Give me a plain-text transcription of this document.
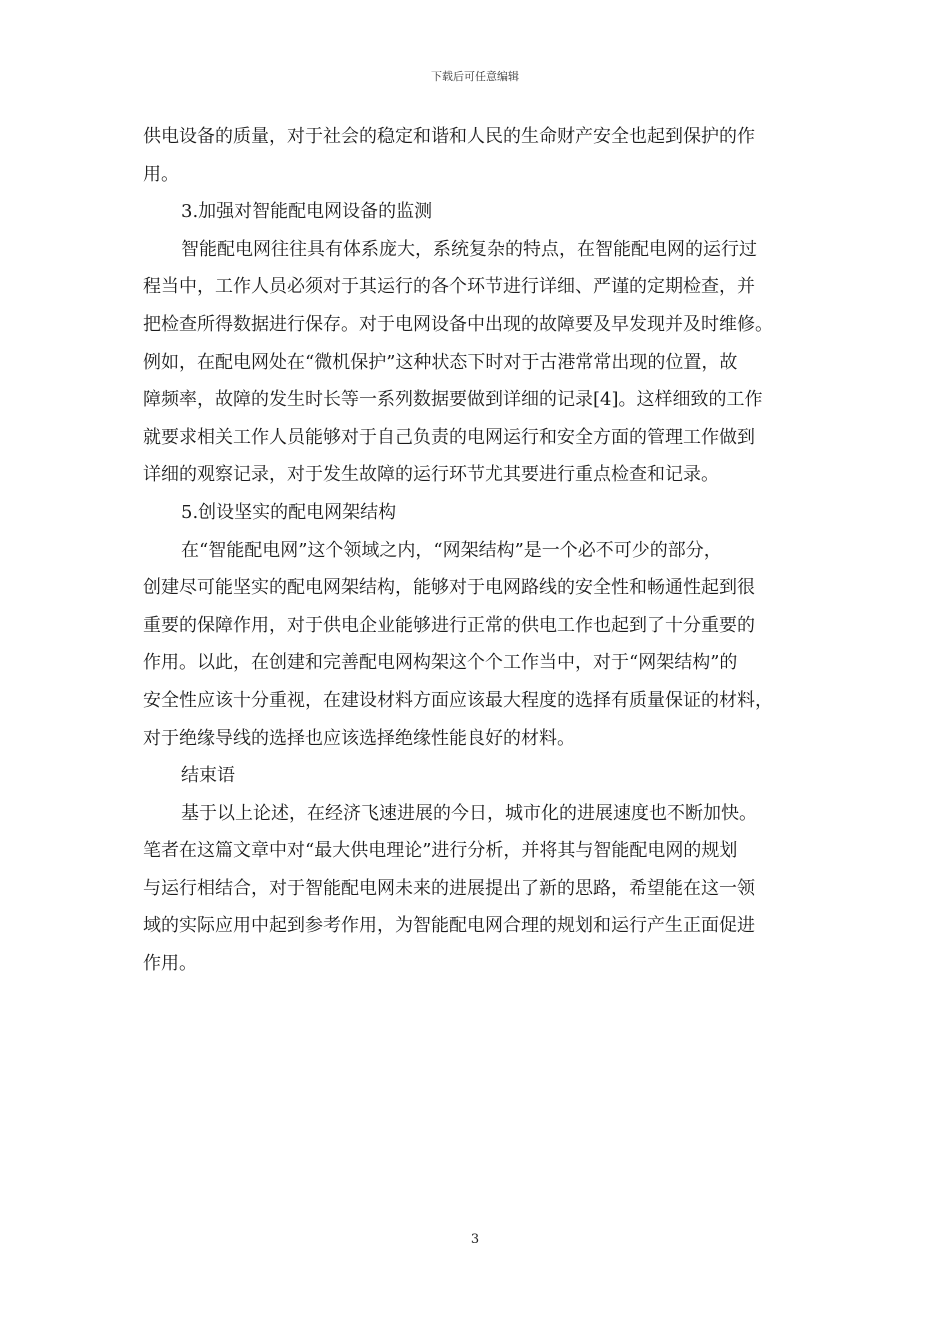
下载后可任意编辑
供电设备的质量，对于社会的稳定和谐和人民的生命财产安全也起到保护的作
用。
3.加强对智能配电网设备的监测
智能配电网往往具有体系庞大，系统复杂的特点，在智能配电网的运行过
程当中，工作人员必须对于其运行的各个环节进行详细、严谨的定期检查，并
把检查所得数据进行保存。对于电网设备中出现的故障要及早发现并及时维修。
例如，在配电网处在“微机保护”这种状态下时对于古港常常出现的位置，故
障频率，故障的发生时长等一系列数据要做到详细的记录[4]。这样细致的工作
就要求相关工作人员能够对于自己负责的电网运行和安全方面的管理工作做到
详细的观察记录，对于发生故障的运行环节尤其要进行重点检查和记录。
5.创设坚实的配电网架结构
在“智能配电网”这个领域之内，“网架结构”是一个必不可少的部分，
创建尽可能坚实的配电网架结构，能够对于电网路线的安全性和畅通性起到很
重要的保障作用，对于供电企业能够进行正常的供电工作也起到了十分重要的
作用。以此，在创建和完善配电网构架这个个工作当中，对于“网架结构”的
安全性应该十分重视，在建设材料方面应该最大程度的选择有质量保证的材料，
对于绝缘导线的选择也应该选择绝缘性能良好的材料。
结束语
基于以上论述，在经济飞速进展的今日，城市化的进展速度也不断加快。
笔者在这篇文章中对“最大供电理论”进行分析，并将其与智能配电网的规划
与运行相结合，对于智能配电网未来的进展提出了新的思路，希望能在这一领
域的实际应用中起到参考作用，为智能配电网合理的规划和运行产生正面促进
作用。
3
